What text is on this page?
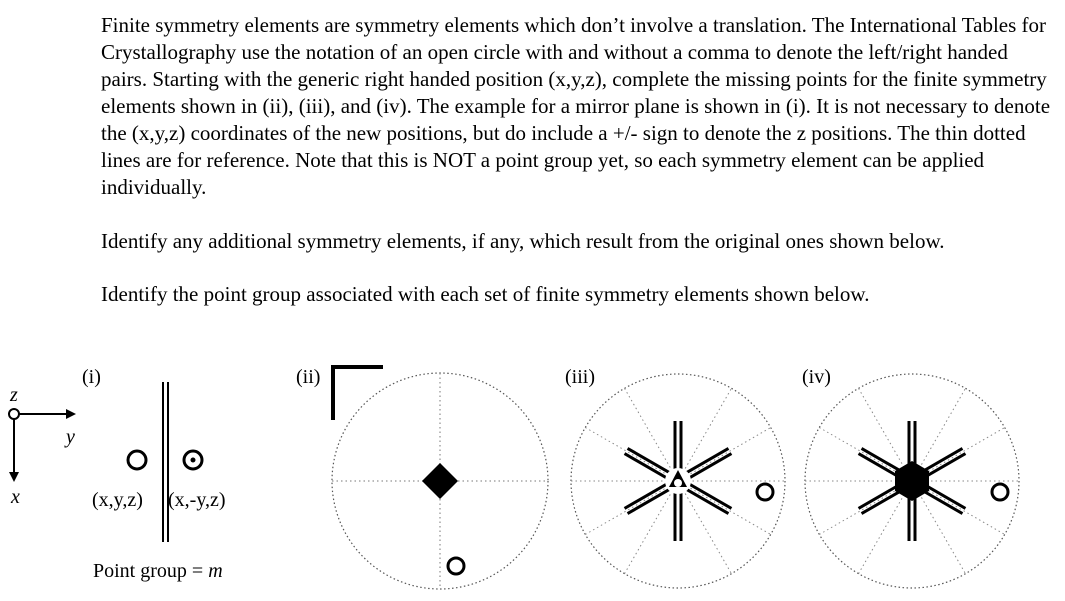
Finite symmetry elements are symmetry elements which don’t involve a translation. The International Tables for Crystallography use the notation of an open circle with and without a comma to denote the left/right handed pairs. Starting with the generic right handed position (x,y,z), complete the missing points for the finite symmetry elements shown in (ii), (iii), and (iv). The example for a mirror plane is shown in (i). It is not necessary to denote the (x,y,z) coordinates of the new positions, but do include a +/- sign to denote the z positions. The thin dotted lines are for reference. Note that this is NOT a point group yet, so each symmetry element can be applied individually.

Identify any additional symmetry elements, if any, which result from the original ones shown below.

Identify the point group associated with each set of finite symmetry elements shown below.

z
y
x
(i)	(ii)	(iii)	(iv)
(x,y,z) (x,-y,z)
Point group = m
